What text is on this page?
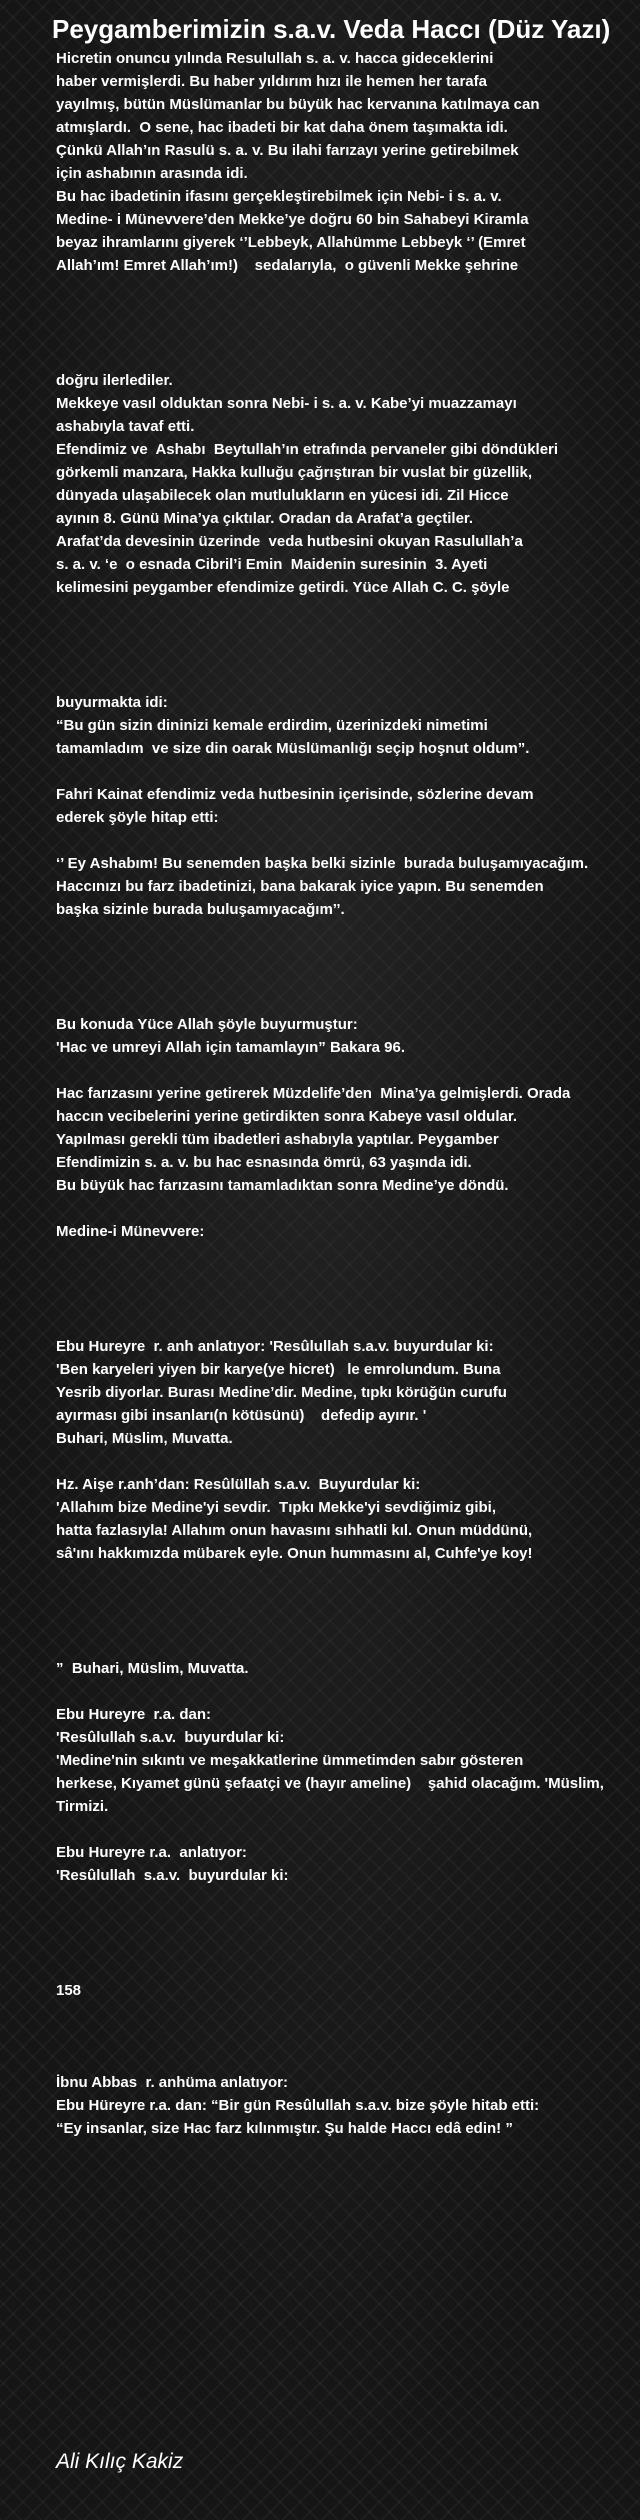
Peygamberimizin s.a.v. Veda Haccı (Düz Yazı)
Hicretin onuncu yılında Resulullah s. a. v. hacca gideceklerini
haber vermişlerdi. Bu haber yıldırım hızı ile hemen her tarafa
yayılmış, bütün Müslümanlar bu büyük hac kervanına katılmaya can
atmışlardı.  O sene, hac ibadeti bir kat daha önem taşımakta idi.
Çünkü Allah’ın Rasulü s. a. v. Bu ilahi farızayı yerine getirebilmek
için ashabının arasında idi.
Bu hac ibadetinin ifasını gerçekleştirebilmek için Nebi- i s. a. v.
Medine- i Münevvere’den Mekke’ye doğru 60 bin Sahabeyi Kiramla
beyaz ihramlarını giyerek ‘’Lebbeyk, Allahümme Lebbeyk ‘’ (Emret
Allah’ım! Emret Allah’ım!)    sedalarıyla,  o güvenli Mekke şehrine
doğru ilerlediler.
Mekkeye vasıl olduktan sonra Nebi- i s. a. v. Kabe’yi muazzamayı
ashabıyla tavaf etti.
Efendimiz ve  Ashabı  Beytullah’ın etrafında pervaneler gibi döndükleri
görkemli manzara, Hakka kulluğu çağrıştıran bir vuslat bir güzellik,
dünyada ulaşabilecek olan mutlulukların en yücesi idi. Zil Hicce
ayının 8. Günü Mina’ya çıktılar. Oradan da Arafat’a geçtiler.
Arafat’da devesinin üzerinde  veda hutbesini okuyan Rasulullah’a
s. a. v. ‘e  o esnada Cibril’i Emin  Maidenin suresinin  3. Ayeti
kelimesini peygamber efendimize getirdi. Yüce Allah C. C. şöyle
buyurmakta idi:
“Bu gün sizin dininizi kemale erdirdim, üzerinizdeki nimetimi
tamamladım  ve size din oarak Müslümanlığı seçip hoşnut oldum”.
Fahri Kainat efendimiz veda hutbesinin içerisinde, sözlerine devam
ederek şöyle hitap etti:
‘’ Ey Ashabım! Bu senemden başka belki sizinle  burada buluşamıyacağım.
Haccınızı bu farz ibadetinizi, bana bakarak iyice yapın. Bu senemden
başka sizinle burada buluşamıyacağım’’.
Bu konuda Yüce Allah şöyle buyurmuştur:
'Hac ve umreyi Allah için tamamlayın” Bakara 96.
Hac farızasını yerine getirerek Müzdelife’den  Mina’ya gelmişlerdi. Orada
haccın vecibelerini yerine getirdikten sonra Kabeye vasıl oldular.
Yapılması gerekli tüm ibadetleri ashabıyla yaptılar. Peygamber
Efendimizin s. a. v. bu hac esnasında ömrü, 63 yaşında idi.
Bu büyük hac farızasını tamamladıktan sonra Medine’ye döndü.
Medine-i Münevvere:
Ebu Hureyre  r. anh anlatıyor: 'Resûlullah s.a.v. buyurdular ki:
'Ben karyeleri yiyen bir karye(ye hicret)   le emrolundum. Buna
Yesrib diyorlar. Burası Medine’dir. Medine, tıpkı körüğün curufu
ayırması gibi insanları(n kötüsünü)    defedip ayırır. '
Buhari, Müslim, Muvatta.
Hz. Aişe r.anh’dan: Resûlüllah s.a.v.  Buyurdular ki:
'Allahım bize Medine'yi sevdir.  Tıpkı Mekke'yi sevdiğimiz gibi,
hatta fazlasıyla! Allahım onun havasını sıhhatli kıl. Onun müddünü,
sâ'ını hakkımızda mübarek eyle. Onun hummasını al, Cuhfe'ye koy!
”  Buhari, Müslim, Muvatta.
Ebu Hureyre  r.a. dan:
'Resûlullah s.a.v.  buyurdular ki:
'Medine'nin sıkıntı ve meşakkatlerine ümmetimden sabır gösteren
herkese, Kıyamet günü şefaatçi ve (hayır ameline)    şahid olacağım. 'Müslim,
Tirmizi.
Ebu Hureyre r.a.  anlatıyor:
'Resûlullah  s.a.v.  buyurdular ki:
158
İbnu Abbas  r. anhüma anlatıyor:
Ebu Hüreyre r.a. dan: “Bir gün Resûlullah s.a.v. bize şöyle hitab etti:
“Ey insanlar, size Hac farz kılınmıştır. Şu halde Haccı edâ edin! ”

Ali Kılıç Kakiz
